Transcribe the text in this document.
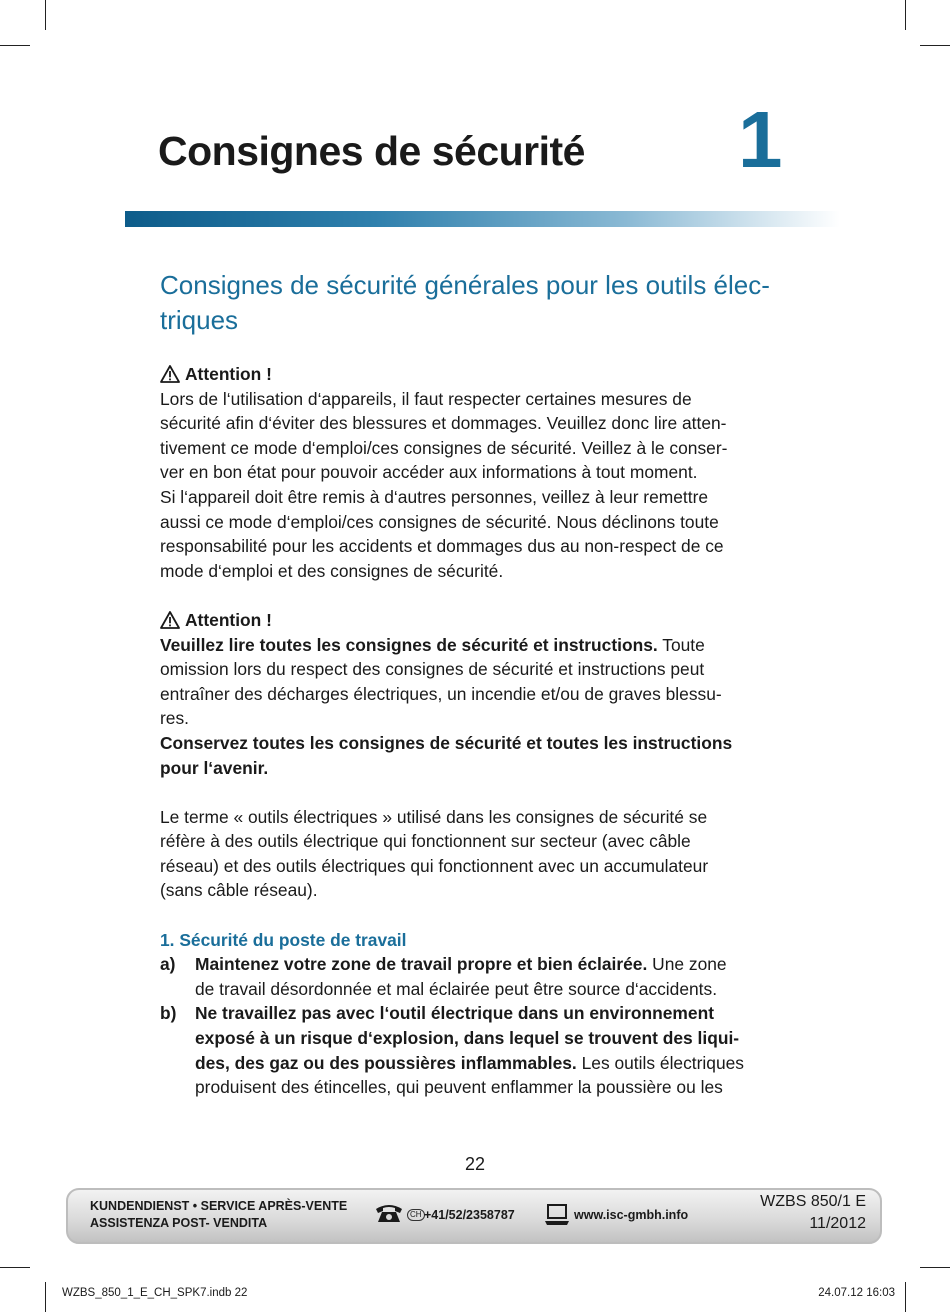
Consignes de sécurité 1
Consignes de sécurité générales pour les outils élec-
triques

Attention !

Lors de l‘utilisation d‘appareils, il faut respecter certaines mesures de

sécurité afin d‘éviter des blessures et dommages. Veuillez donc lire atten-

tivement ce mode d‘emploi/ces consignes de sécurité. Veillez à le conser-

ver en bon état pour pouvoir accéder aux informations à tout moment.

Si l‘appareil doit être remis à d‘autres personnes, veillez à leur remettre

aussi ce mode d‘emploi/ces consignes de sécurité. Nous déclinons toute

responsabilité pour les accidents et dommages dus au non-respect de ce

mode d‘emploi et des consignes de sécurité.

Attention !

Veuillez lire toutes les consignes de sécurité et instructions. Toute

omission lors du respect des consignes de sécurité et instructions peut

entraîner des décharges électriques, un incendie et/ou de graves blessu-

res.

Conservez toutes les consignes de sécurité et toutes les instructions

pour l‘avenir.

Le terme « outils électriques » utilisé dans les consignes de sécurité se

réfère à des outils électrique qui fonctionnent sur secteur (avec câble

réseau) et des outils électriques qui fonctionnent avec un accumulateur

(sans câble réseau).

1. Sécurité du poste de travail

a)	Maintenez votre zone de travail propre et bien éclairée. Une zone

de travail désordonnée et mal éclairée peut être source d‘accidents.

b)	Ne travaillez pas avec l‘outil électrique dans un environnement

exposé à un risque d‘explosion, dans lequel se trouvent des liqui-

des, des gaz ou des poussières inflammables. Les outils électriques

produisent des étincelles, qui peuvent enflammer la poussière ou les

22
KUNDENDIENST • SERVICE APRÈS-VENTE
ASSISTENZA POST- VENDITA
CH +41/52/2358787	www.isc-gmbh.info
WZBS 850/1 E
11/2012
WZBS_850_1_E_CH_SPK7.indb 22	24.07.12 16:03
